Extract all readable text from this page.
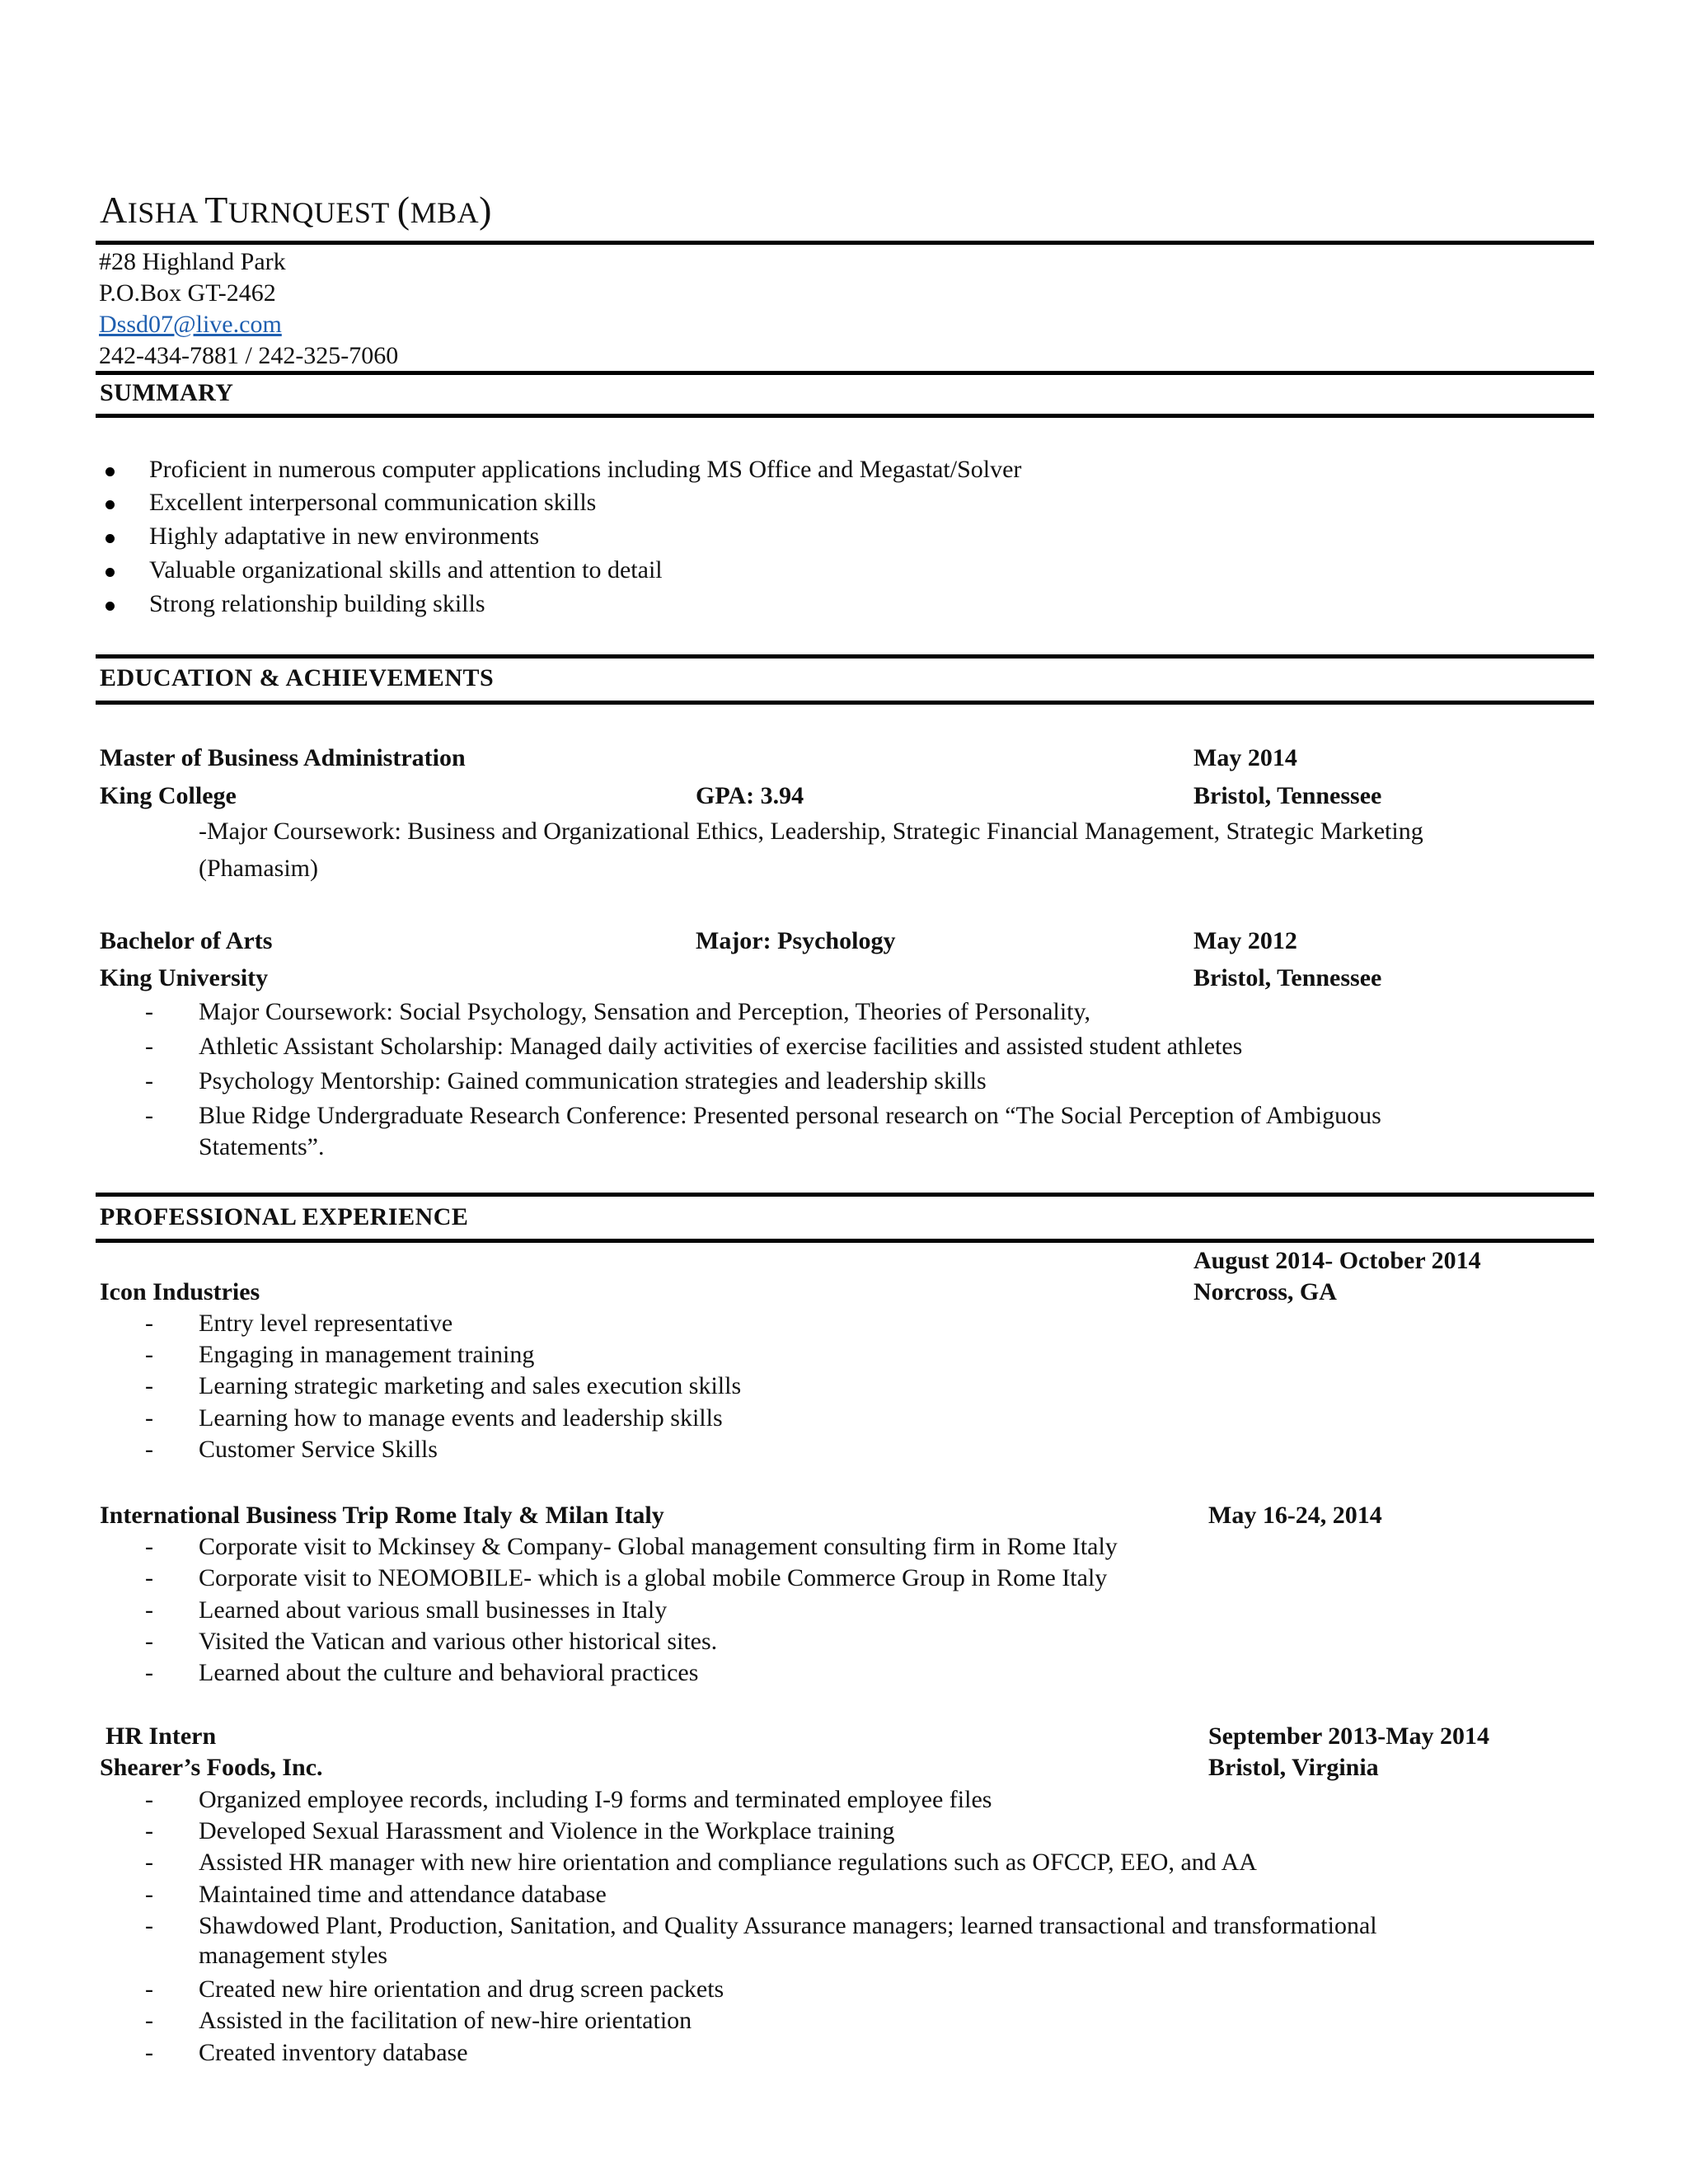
AISHA TURNQUEST (MBA)
#28 Highland Park
P.O.Box GT-2462
Dssd07@live.com
242-434-7881 / 242-325-7060
SUMMARY
Proficient in numerous computer applications including MS Office and Megastat/Solver
Excellent interpersonal communication skills
Highly adaptative in new environments
Valuable organizational skills and attention to detail
Strong relationship building skills
EDUCATION & ACHIEVEMENTS
Master of Business Administration	May 2014
King College	GPA: 3.94	Bristol, Tennessee
-Major Coursework: Business and Organizational Ethics, Leadership, Strategic Financial Management, Strategic Marketing
(Phamasim)
Bachelor of Arts	Major: Psychology	May 2012
King University	Bristol, Tennessee
- Major Coursework: Social Psychology, Sensation and Perception, Theories of Personality,
- Athletic Assistant Scholarship: Managed daily activities of exercise facilities and assisted student athletes
- Psychology Mentorship: Gained communication strategies and leadership skills
- Blue Ridge Undergraduate Research Conference: Presented personal research on “The Social Perception of Ambiguous
Statements”.
PROFESSIONAL EXPERIENCE
August 2014- October 2014
Icon Industries	Norcross, GA
- Entry level representative
- Engaging in management training
- Learning strategic marketing and sales execution skills
- Learning how to manage events and leadership skills
- Customer Service Skills
International Business Trip Rome Italy & Milan Italy	May 16-24, 2014
- Corporate visit to Mckinsey & Company- Global management consulting firm in Rome Italy
- Corporate visit to NEOMOBILE- which is a global mobile Commerce Group in Rome Italy
- Learned about various small businesses in Italy
- Visited the Vatican and various other historical sites.
- Learned about the culture and behavioral practices
HR Intern	September 2013-May 2014
Shearer’s Foods, Inc.	Bristol, Virginia
- Organized employee records, including I-9 forms and terminated employee files
- Developed Sexual Harassment and Violence in the Workplace training
- Assisted HR manager with new hire orientation and compliance regulations such as OFCCP, EEO, and AA
- Maintained time and attendance database
- Shawdowed Plant, Production, Sanitation, and Quality Assurance managers; learned transactional and transformational
management styles
- Created new hire orientation and drug screen packets
- Assisted in the facilitation of new-hire orientation
- Created inventory database
